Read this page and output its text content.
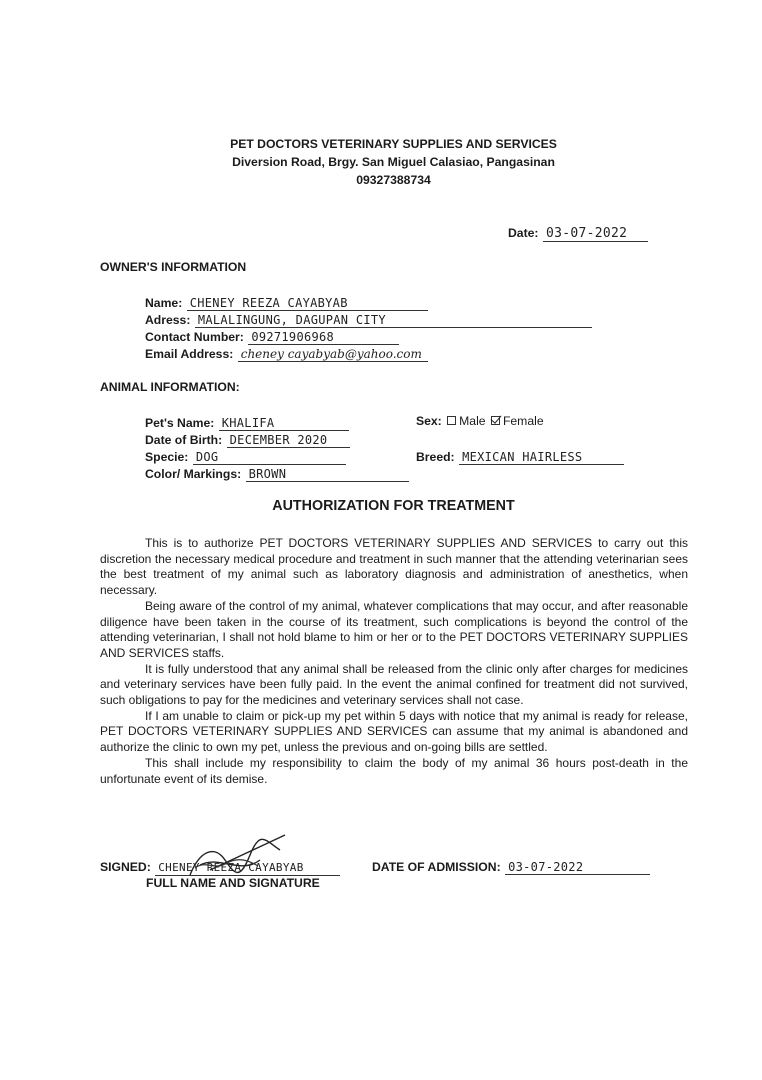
PET DOCTORS VETERINARY SUPPLIES AND SERVICES
Diversion Road, Brgy. San Miguel Calasiao, Pangasinan
09327388734
Date: 03-07-2022
OWNER'S INFORMATION
Name: CHENEY REEZA CAYABYAB
Adress: MALALINGUNG, DAGUPAN CITY
Contact Number: 09271906968
Email Address: cheney cayabyab@yahoo.com
ANIMAL INFORMATION:
Pet's Name: KHALIFA
Date of Birth: DECEMBER 2020
Specie: DOG
Color/ Markings: BROWN
Sex: Male Female
Breed: MEXICAN HAIRLESS
AUTHORIZATION FOR TREATMENT

This is to authorize PET DOCTORS VETERINARY SUPPLIES AND SERVICES to carry out this discretion the necessary medical procedure and treatment in such manner that the attending veterinarian sees the best treatment of my animal such as laboratory diagnosis and administration of anesthetics, when necessary.

Being aware of the control of my animal, whatever complications that may occur, and after reasonable diligence have been taken in the course of its treatment, such complications is beyond the control of the attending veterinarian, I shall not hold blame to him or her or to the PET DOCTORS VETERINARY SUPPLIES AND SERVICES staffs.

It is fully understood that any animal shall be released from the clinic only after charges for medicines and veterinary services have been fully paid. In the event the animal confined for treatment did not survived, such obligations to pay for the medicines and veterinary services shall not case.

If I am unable to claim or pick-up my pet within 5 days with notice that my animal is ready for release, PET DOCTORS VETERINARY SUPPLIES AND SERVICES can assume that my animal is abandoned and authorize the clinic to own my pet, unless the previous and on-going bills are settled.

This shall include my responsibility to claim the body of my animal 36 hours post-death in the unfortunate event of its demise.

SIGNED: CHENEY REEZA CAYABYAB
FULL NAME AND SIGNATURE
DATE OF ADMISSION: 03-07-2022
